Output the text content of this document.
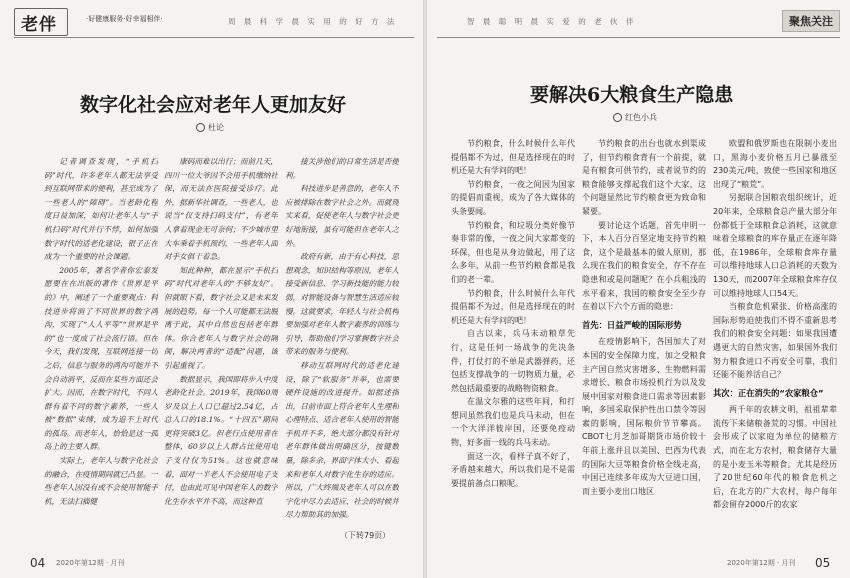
老伴	·好健康服务·好幸福相伴·	周 晨 科 学 晨 实 用 的 好 方 法
数字化社会应对老年人更加友好
杜论

记者调查发现，“手机扫码”时代，许多老年人都无法享受到互联网带来的便利，甚至成为了一些老人的“障碍”。当老龄化程度日益加深，如何让老年人与“手机扫码”时代并行不悖，如何加强数字时代的适老化建设，银子正在成为一个重要的社会课题。

2005年，著名学者你宏泰发愿要在在出版的著作《世界是平的》中，阐述了一个重要观点：科技进步将消了不同世界的数字鸿沟，实现了“人人平等”“世界是平的”也一度成了社会流行语。但在今天，我们发现，互联网连接一切之后，信息与服务的鸿沟可能并不会自动消平，反而在某些方面还会扩大。因而，在数字时代，不同人群有着不同的数字素养，一些人被“数据”束缚，成为追不上时代的孤岛。而老年人，恰恰是这一孤岛上的主要人群。

实际上，老年人与数字化社会的融合，在疫情期间就已凸显。一些老年人因没有或不会使用智能手机，无法扫描健

康码而难以出行；而前几天，四川一位大爷因不会用手机缴纳社保，而无法在医院接受诊疗。此外，据新华社调查，一些老人，也说当“仅支持扫码支付”，有老年人拿着现金无可奈何；不少城市里大车乘着手机预约，一些老年人面对手女俱干着急。

知此种种，都在显示“手机扫码”时代对老年人的“不够友好”。但就眼下看，数字社会又是未来发展的趋势。每一个人可能都无法脱离于此，其中自然也包括老年群体。你合老年人与数字社会的隔阂，解决两者的“适配”问题，该引起重视了。

数据显示，我国即将步入中度老龄化社会。2019年，我国60周岁及以上人口已超过2.54亿，占总人口的18.1%。“十四五”期间更将突破3亿。但老行点使用者在整体，60岁以上人群占比使用电子支付仅为51%。这也就意味着，面对一半老人不会使用电子支付，也由此可见中国老年人的数字化生存水平并不高，而这种直

接关涉他们的日常生活是否便利。

科技进步是善意的，老年人不应被排除在数字社会之外。而就现实来看，促使老年人与数字社会更好地衔接，虽有可能但在老年人之外。

政府有新，由于有心科技，思想观念，知识结构等原因，老年人接受新信息、学习新技能的能力较弱，对智能设备与智慧生活适应较慢。这就要求，年轻人与社会机构要加强对老年人数字素养的训练与引导，帮助他们学习掌握数字社会带来的服务与便利。

移动互联网时代的适老化建设，除了“软服务”并举，也需要硬件设施的改进提升。如据述指出，日前市面上符合老年人生理和心理特点、适合老年人使用的智能手机并不多，绝大部分都没有针对老年群体做出明确区分，按键数量，除多余，界面字体大小、看起来和老年人对数字化生存的适应。所以，广大终端及老年人可以在数字化中尽力去适应、社会的时候并尽力帮助其的加强。

（下转79页）
04 2020年第12期 · 月刊
智 晨 聪 明 晨 实 爱 的 老 伙 伴	聚焦关注
要解决6大粮食生产隐患
红色小兵

节约粮食，什么时候什么年代提倡都不为过，但是选择现在的时机还是大有学问的吧！

节约粮食，一夜之间因为国家的提倡而重视，成为了各大媒体的头条要闻。

节约粮食，和垃圾分类好像节奏非常的像，一夜之间大家都变的环保，但也是从身边做起，用了这么多年，从前一些节约粮食都是我们的老一辈。

节约粮食，什么时候什么年代提倡都不为过，但是选择现在的时机还是大有学问的吧！

自古以来，兵马未动粮草先行，这是任何一场战争的先决条件，打仗打的不单是武器弹药，还包括支撑战争的一切物质力量，必然包括最重要的战略物资粮食。

在温文尔雅的这些年间，和打想同虽然我们也是兵马未动，但在一个大洋洋彼岸国，还要免疫动物，好多面一线的兵马未动。

面这一次，看样子真不好了，矛盾越来越大，所以我们是不是需要提前备点口粮呢。

节约粮食的出台也就水到渠成了，但节约粮食背有一个前提，就是有粮食可供节约，或者说节约的粮食能够支撑起我们这个大家，这个问题显然比节约粮食更为致命和紧要。

要讨论这个话题，首先申明一下，本人百分百坚定地支持节约粮食，这个是最基本的做人原则，那么现在我们的粮食安全，存不存在隐患和或是问题呢？在小兵粗浅的水平看来，我国的粮食安全至少存在着以下六个方面的隐患：

首先：日益严峻的国际形势

在疫情影响下，各国加大了对本国的安全保障力度，加之受粮食主产国自然灾害增多、生物燃料需求增长、粮食市场投机行为以及发展中国家对粮食进口需求等因素影响，多国采取保护性出口禁令等因素的影响，国际粮价节节攀高。CBOT七月芝加哥期货市场价较十年前上涨并且以美国、巴西为代表的国际大豆等粮食价格全线走高，中国已连续多年成为大豆进口国，而主要小麦出口地区

欧盟和俄罗斯也在限制小麦出口，黑海小麦价格五月已暴涨至230美元/吨，致使一些国家和地区出现了“粮荒”。

另据联合国粮农组织统计，近20年来，全球粮食总产量大部分年份都低于全球粮食总消耗，这就意味着全球粮食的库存量正在逐年降低，在1986年，全球粮食库存量可以维持地球人口总消耗的天数为130天，而2007年全球粮食库存仅可以维持地球人口54天。

当粮食危机紧张、价格高涨的国际形势迫使我们不得不重新思考我们的粮食安全问题：如果我国遭遇更大的自然灾害，如果国外我们努力粮食进口不再安全可靠，我们还能不能养活自己？

其次：正在消失的“农家粮仓”

两千年的农耕文明，祖祖辈辈流传下来储粮备荒的习惯。中国社会形成了以家庭为单位的储粮方式，而在北方农村，粮食储存大量的是小麦玉米等粮食。尤其是经历了20世纪60年代的粮食危机之后，在北方的广大农村，每户每年都会留存2000斤的农家

2020年第12期 · 月刊 05
